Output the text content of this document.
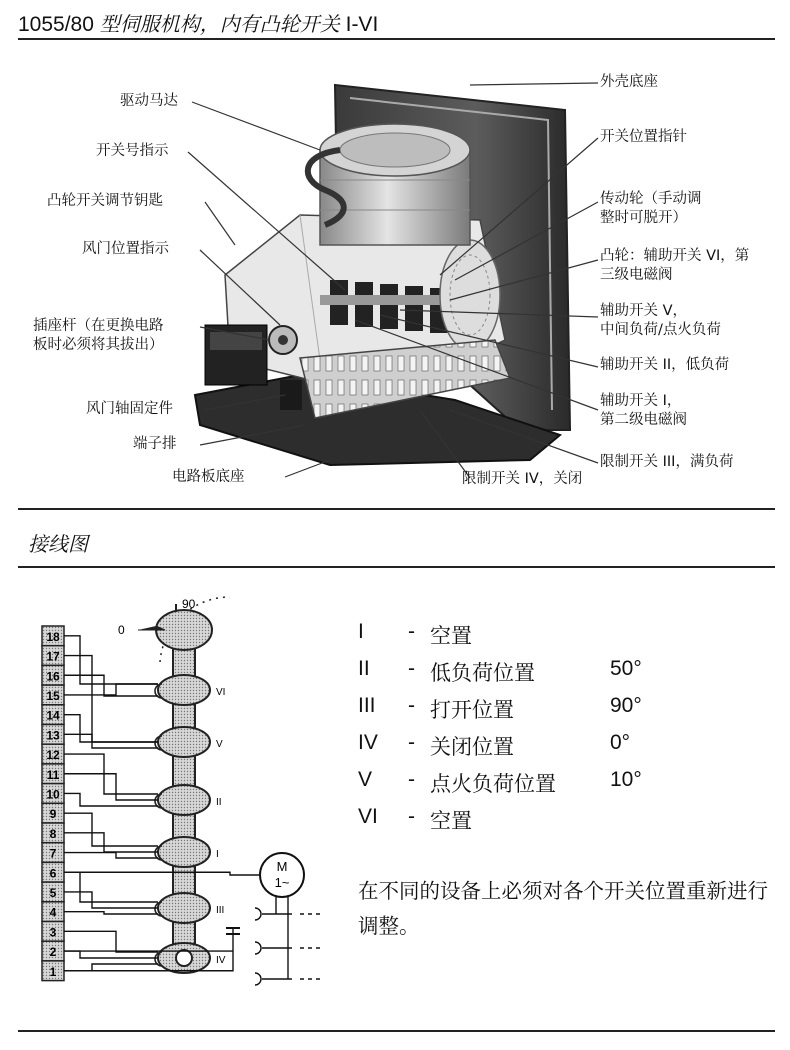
1055/80 型伺服机构，内有凸轮开关 I-VI
驱动马达
开关号指示
凸轮开关调节钥匙
风门位置指示
插座杆（在更换电路
板时必须将其拔出）
风门轴固定件
端子排
电路板底座
外壳底座
开关位置指针
传动轮（手动调
整时可脱开）
凸轮：辅助开关 VI，第
三级电磁阀
辅助开关 V，
中间负荷/点火负荷
辅助开关 II，低负荷
辅助开关 I，
第二级电磁阀
限制开关 III，满负荷
限制开关 IV，关闭
接线图
18
17
16
15
14
13
12
11
10
9
8
7
6
5
4
3
2
1
0
90
VI
V
II
I
III
IV
M
1~
I - 空置
II - 低负荷位置	50°
III - 打开位置	90°
IV - 关闭位置	0°
V - 点火负荷位置	10°
VI - 空置
在不同的设备上必须对各个开关位置重新进行调整。
